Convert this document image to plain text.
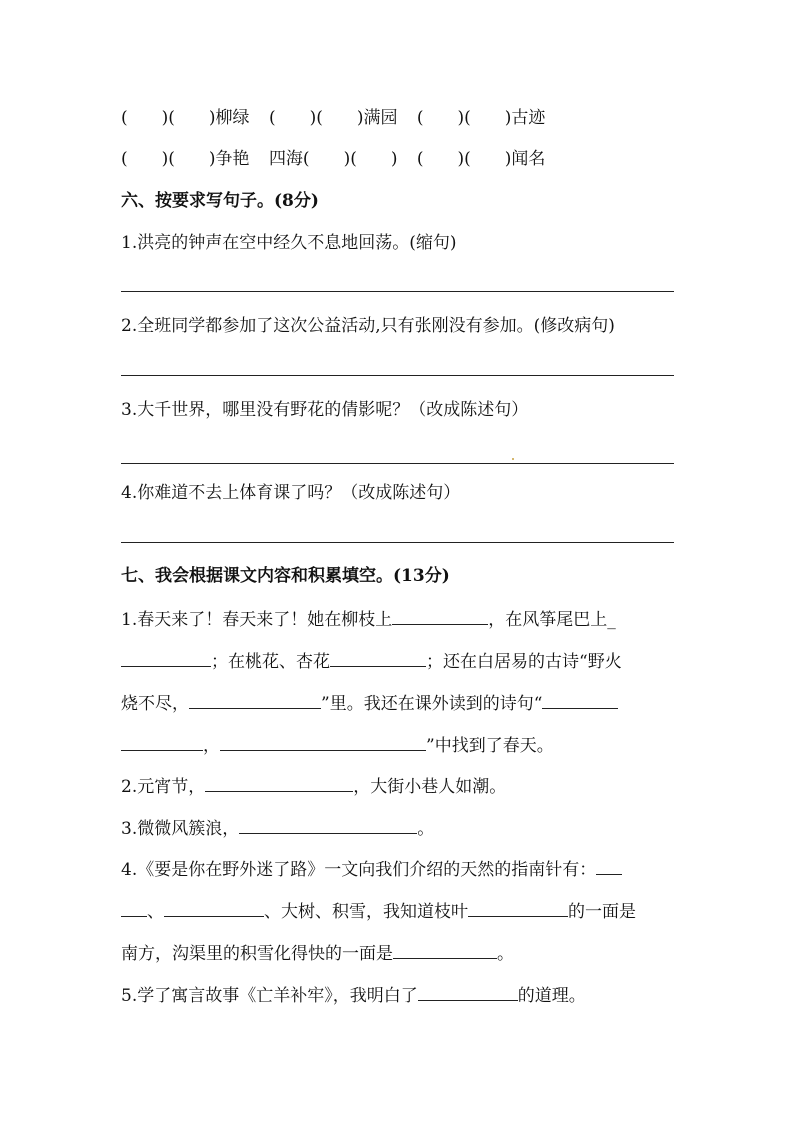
(　　)(　　)柳绿 (　　)(　　)满园 (　　)(　　)古迹
(　　)(　　)争艳 四海(　　)(　　) (　　)(　　)闻名
六、按要求写句子。(8分)
1.洪亮的钟声在空中经久不息地回荡。(缩句)
2.全班同学都参加了这次公益活动,只有张刚没有参加。(修改病句)
3.大千世界，哪里没有野花的倩影呢？（改成陈述句）
4.你难道不去上体育课了吗？（改成陈述句）
七、我会根据课文内容和积累填空。(13分)
1.春天来了！春天来了！她在柳枝上	，在风筝尾巴上_
；在桃花、杏花	；还在白居易的古诗“野火
烧不尽，	”里。我还在课外读到的诗句“
，	”中找到了春天。
2.元宵节，	，大街小巷人如潮。
3.微微风簇浪，	。
4.《要是你在野外迷了路》一文向我们介绍的天然的指南针有：
、	、大树、积雪，我知道枝叶	的一面是
南方，沟渠里的积雪化得快的一面是	。
5.学了寓言故事《亡羊补牢》，我明白了	的道理。
